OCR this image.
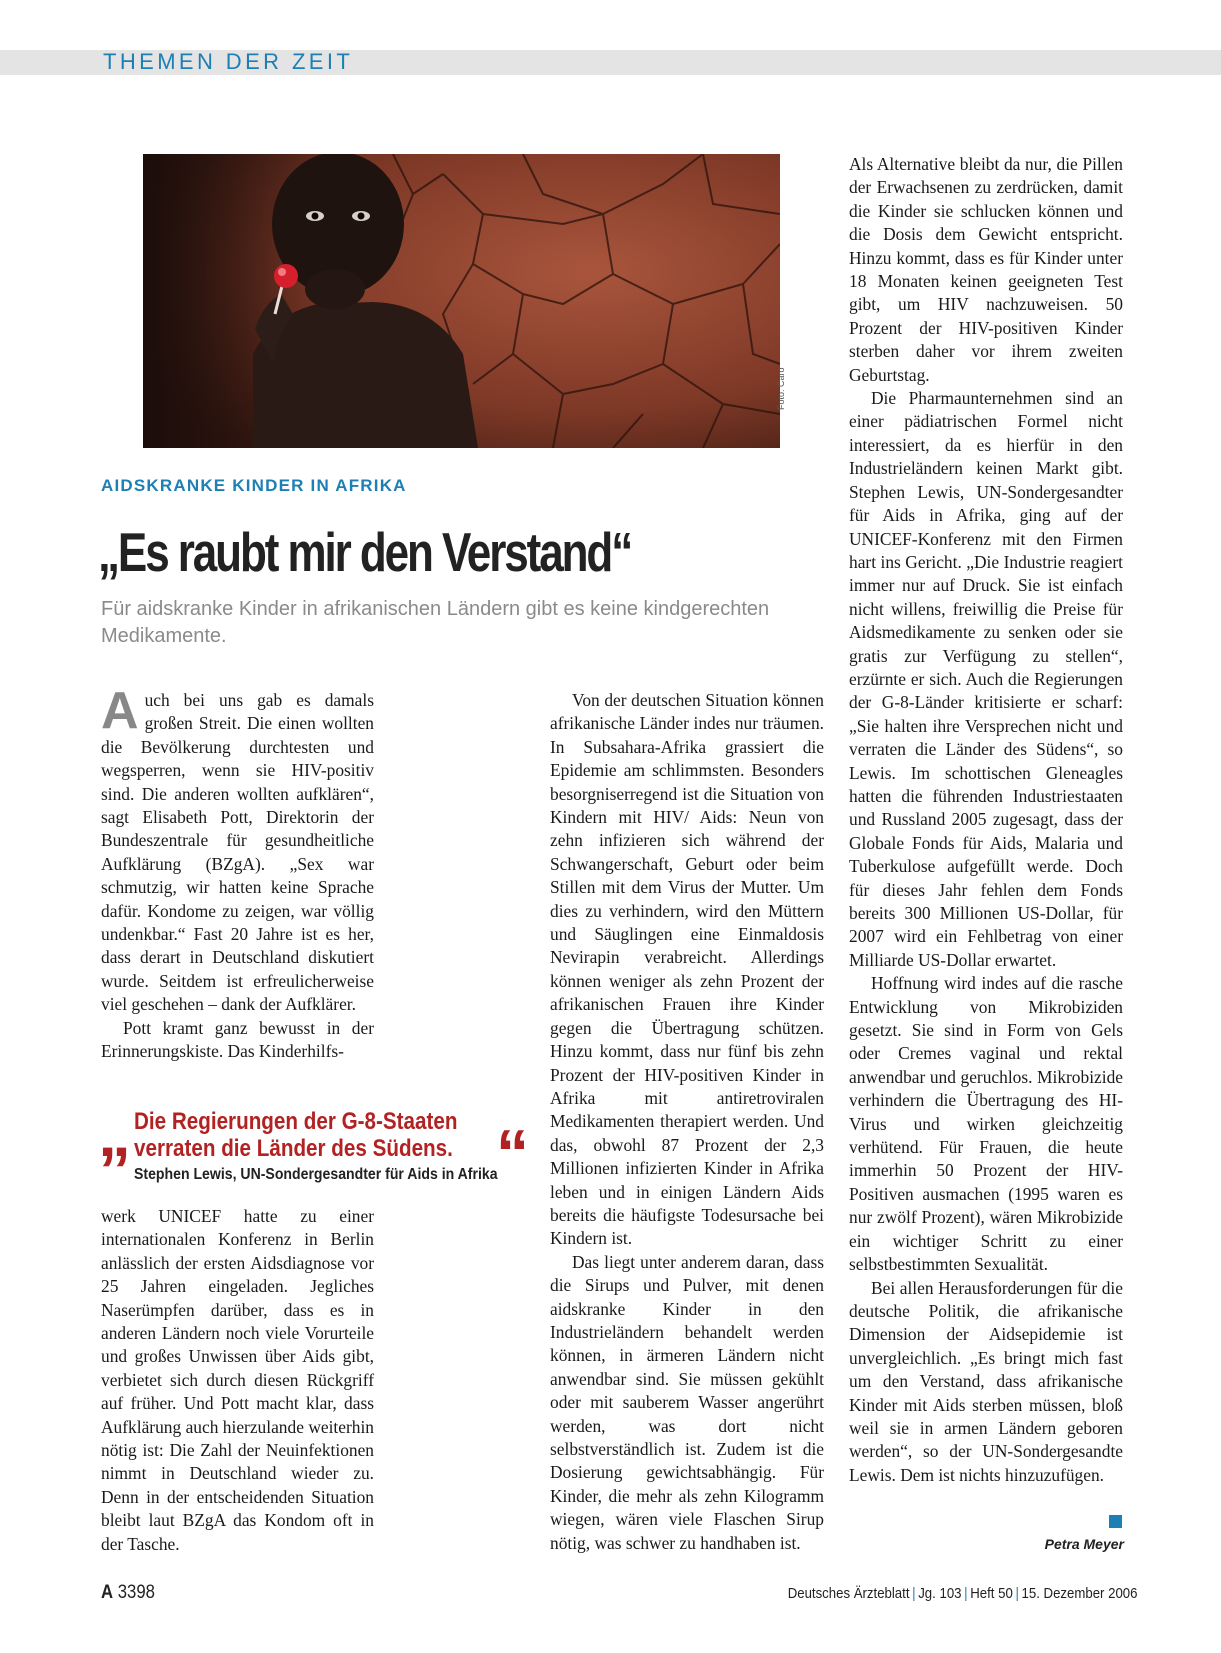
THEMEN DER ZEIT
Foto: Caro
AIDSKRANKE KINDER IN AFRIKA
„Es raubt mir den Verstand“
Für aidskranke Kinder in afrikanischen Ländern gibt es keine kindgerechten Medikamente.

Auch bei uns gab es damals großen Streit. Die einen wollten die Bevölkerung durchtesten und wegsperren, wenn sie HIV-positiv sind. Die anderen wollten aufklären“, sagt Elisabeth Pott, Direktorin der Bundeszentrale für gesundheitliche Aufklärung (BZgA). „Sex war schmutzig, wir hatten keine Sprache dafür. Kondome zu zeigen, war völlig undenkbar.“ Fast 20 Jahre ist es her, dass derart in Deutschland diskutiert wurde. Seitdem ist erfreulicherweise viel geschehen – dank der Aufklärer.

Pott kramt ganz bewusst in der Erinnerungskiste. Das Kinderhilfs-

„ Die Regierungen der G-8-Staaten
verraten die Länder des Südens. “
Stephen Lewis, UN-Sondergesandter für Aids in Afrika

werk UNICEF hatte zu einer internationalen Konferenz in Berlin anlässlich der ersten Aidsdiagnose vor 25 Jahren eingeladen. Jegliches Naserümpfen darüber, dass es in anderen Ländern noch viele Vorurteile und großes Unwissen über Aids gibt, verbietet sich durch diesen Rückgriff auf früher. Und Pott macht klar, dass Aufklärung auch hierzulande weiterhin nötig ist: Die Zahl der Neuinfektionen nimmt in Deutschland wieder zu. Denn in der entscheidenden Situation bleibt laut BZgA das Kondom oft in der Tasche.

Von der deutschen Situation können afrikanische Länder indes nur träumen. In Subsahara-Afrika grassiert die Epidemie am schlimmsten. Besonders besorgniserregend ist die Situation von Kindern mit HIV/ Aids: Neun von zehn infizieren sich während der Schwangerschaft, Geburt oder beim Stillen mit dem Virus der Mutter. Um dies zu verhindern, wird den Müttern und Säuglingen eine Einmaldosis Nevirapin verabreicht. Allerdings können weniger als zehn Prozent der afrikanischen Frauen ihre Kinder gegen die Übertragung schützen. Hinzu kommt, dass nur fünf bis zehn Prozent der HIV-positiven Kinder in Afrika mit antiretroviralen Medikamenten therapiert werden. Und das, obwohl 87 Prozent der 2,3 Millionen infizierten Kinder in Afrika leben und in einigen Ländern Aids bereits die häufigste Todesursache bei Kindern ist.

Das liegt unter anderem daran, dass die Sirups und Pulver, mit denen aidskranke Kinder in den Industrieländern behandelt werden können, in ärmeren Ländern nicht anwendbar sind. Sie müssen gekühlt oder mit sauberem Wasser angerührt werden, was dort nicht selbstverständlich ist. Zudem ist die Dosierung gewichtsabhängig. Für Kinder, die mehr als zehn Kilogramm wiegen, wären viele Flaschen Sirup nötig, was schwer zu handhaben ist.

Als Alternative bleibt da nur, die Pillen der Erwachsenen zu zerdrücken, damit die Kinder sie schlucken können und die Dosis dem Gewicht entspricht. Hinzu kommt, dass es für Kinder unter 18 Monaten keinen geeigneten Test gibt, um HIV nachzuweisen. 50 Prozent der HIV-positiven Kinder sterben daher vor ihrem zweiten Geburtstag.

Die Pharmaunternehmen sind an einer pädiatrischen Formel nicht interessiert, da es hierfür in den Industrieländern keinen Markt gibt. Stephen Lewis, UN-Sondergesandter für Aids in Afrika, ging auf der UNICEF-Konferenz mit den Firmen hart ins Gericht. „Die Industrie reagiert immer nur auf Druck. Sie ist einfach nicht willens, freiwillig die Preise für Aidsmedikamente zu senken oder sie gratis zur Verfügung zu stellen“, erzürnte er sich. Auch die Regierungen der G-8-Länder kritisierte er scharf: „Sie halten ihre Versprechen nicht und verraten die Länder des Südens“, so Lewis. Im schottischen Gleneagles hatten die führenden Industriestaaten und Russland 2005 zugesagt, dass der Globale Fonds für Aids, Malaria und Tuberkulose aufgefüllt werde. Doch für dieses Jahr fehlen dem Fonds bereits 300 Millionen US-Dollar, für 2007 wird ein Fehlbetrag von einer Milliarde US-Dollar erwartet.

Hoffnung wird indes auf die rasche Entwicklung von Mikrobiziden gesetzt. Sie sind in Form von Gels oder Cremes vaginal und rektal anwendbar und geruchlos. Mikrobizide verhindern die Übertragung des HI-Virus und wirken gleichzeitig verhütend. Für Frauen, die heute immerhin 50 Prozent der HIV-Positiven ausmachen (1995 waren es nur zwölf Prozent), wären Mikrobizide ein wichtiger Schritt zu einer selbstbestimmten Sexualität.

Bei allen Herausforderungen für die deutsche Politik, die afrikanische Dimension der Aidsepidemie ist unvergleichlich. „Es bringt mich fast um den Verstand, dass afrikanische Kinder mit Aids sterben müssen, bloß weil sie in armen Ländern geboren werden“, so der UN-Sondergesandte Lewis. Dem ist nichts hinzuzufügen.

Petra Meyer
A 3398	Deutsches Ärzteblatt | Jg. 103 | Heft 50 | 15. Dezember 2006
